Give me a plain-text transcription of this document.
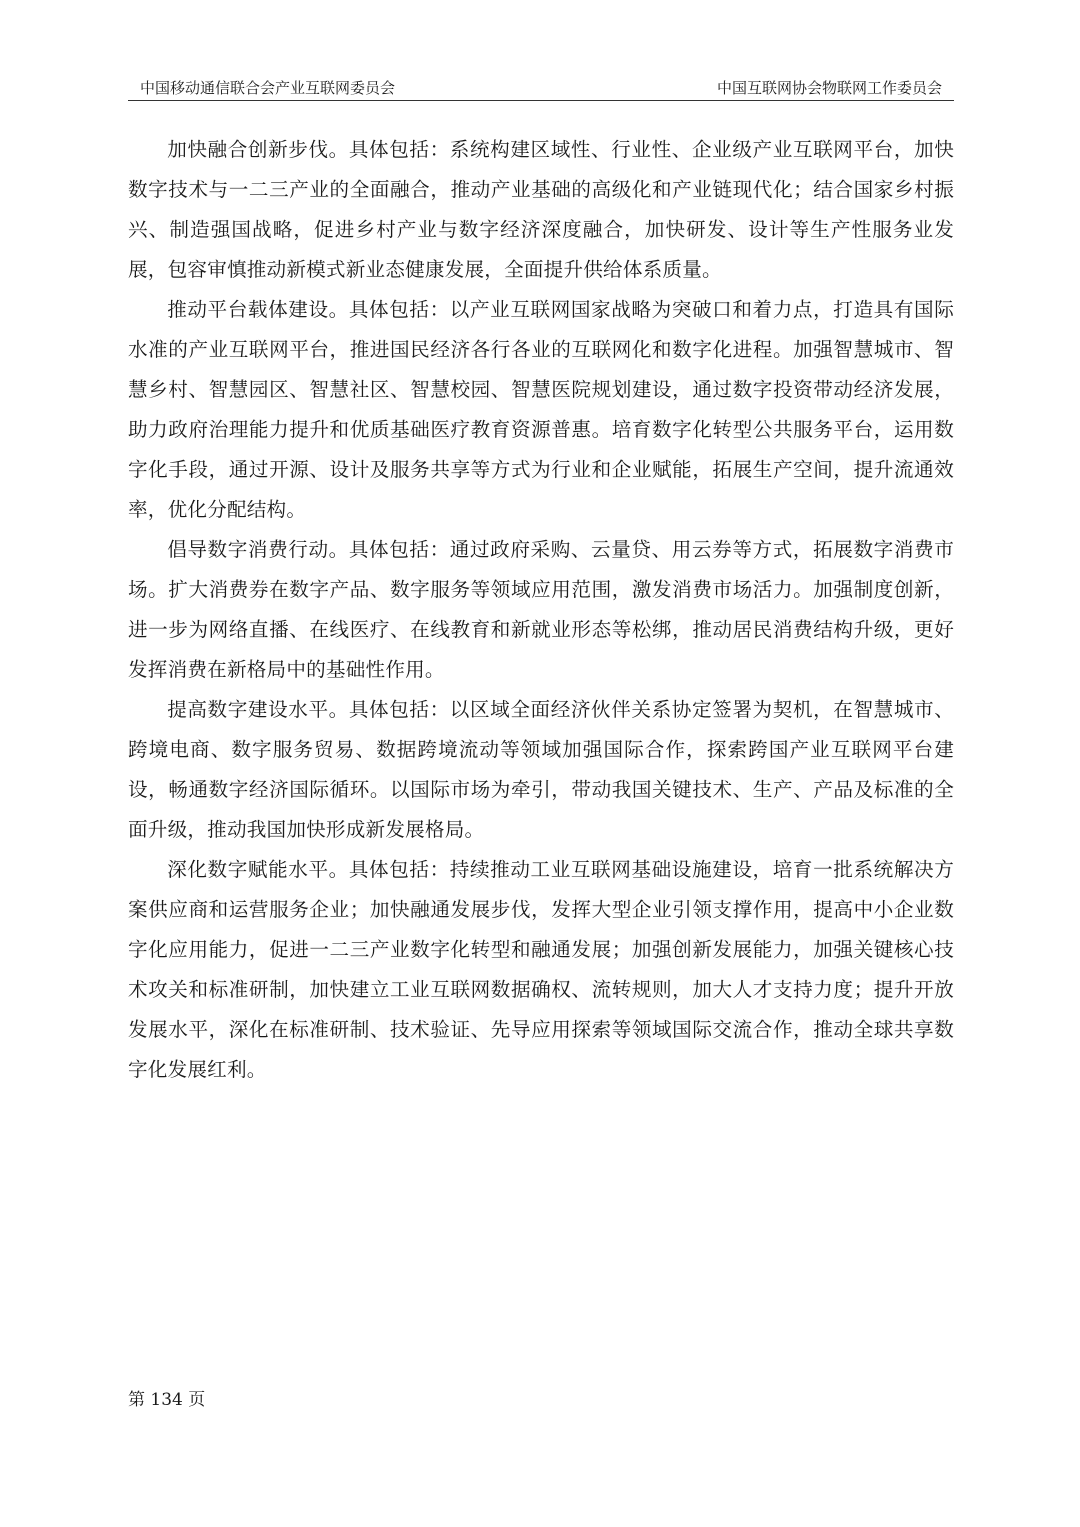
中国移动通信联合会产业互联网委员会	中国互联网协会物联网工作委员会

加快融合创新步伐。具体包括：系统构建区域性、行业性、企业级产业互联网平台，加快数字技术与一二三产业的全面融合，推动产业基础的高级化和产业链现代化；结合国家乡村振兴、制造强国战略，促进乡村产业与数字经济深度融合，加快研发、设计等生产性服务业发展，包容审慎推动新模式新业态健康发展，全面提升供给体系质量。

推动平台载体建设。具体包括：以产业互联网国家战略为突破口和着力点，打造具有国际水准的产业互联网平台，推进国民经济各行各业的互联网化和数字化进程。加强智慧城市、智慧乡村、智慧园区、智慧社区、智慧校园、智慧医院规划建设，通过数字投资带动经济发展，助力政府治理能力提升和优质基础医疗教育资源普惠。培育数字化转型公共服务平台，运用数字化手段，通过开源、设计及服务共享等方式为行业和企业赋能，拓展生产空间，提升流通效率，优化分配结构。

倡导数字消费行动。具体包括：通过政府采购、云量贷、用云券等方式，拓展数字消费市场。扩大消费券在数字产品、数字服务等领域应用范围，激发消费市场活力。加强制度创新，进一步为网络直播、在线医疗、在线教育和新就业形态等松绑，推动居民消费结构升级，更好发挥消费在新格局中的基础性作用。

提高数字建设水平。具体包括：以区域全面经济伙伴关系协定签署为契机，在智慧城市、跨境电商、数字服务贸易、数据跨境流动等领域加强国际合作，探索跨国产业互联网平台建设，畅通数字经济国际循环。以国际市场为牵引，带动我国关键技术、生产、产品及标准的全面升级，推动我国加快形成新发展格局。

深化数字赋能水平。具体包括：持续推动工业互联网基础设施建设，培育一批系统解决方案供应商和运营服务企业；加快融通发展步伐，发挥大型企业引领支撑作用，提高中小企业数字化应用能力，促进一二三产业数字化转型和融通发展；加强创新发展能力，加强关键核心技术攻关和标准研制，加快建立工业互联网数据确权、流转规则，加大人才支持力度；提升开放发展水平，深化在标准研制、技术验证、先导应用探索等领域国际交流合作，推动全球共享数字化发展红利。

第 134 页
